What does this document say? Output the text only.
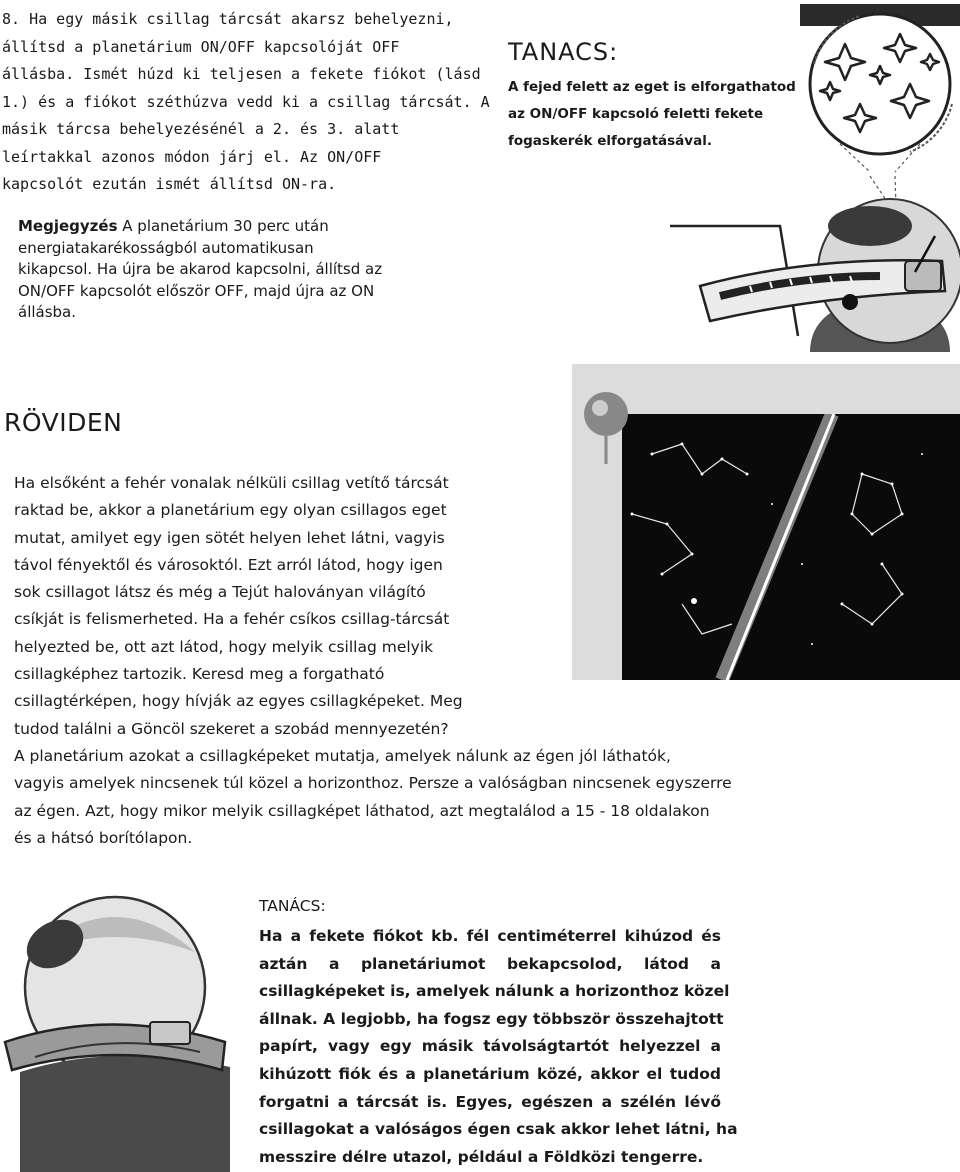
8. Ha egy másik csillag tárcsát akarsz behelyezni,
állítsd a planetárium ON/OFF kapcsolóját OFF
állásba. Ismét húzd ki teljesen a fekete fiókot (lásd
1.) és a fiókot széthúzva vedd ki a csillag tárcsát. A
másik tárcsa behelyezésénél a 2. és 3. alatt
leírtakkal azonos módon járj el. Az ON/OFF
kapcsolót ezután ismét állítsd ON-ra.
TANACS:
A fejed felett az eget is elforgathatod
az ON/OFF kapcsoló feletti fekete
fogaskerék elforgatásával.
Megjegyzés A planetárium 30 perc után
energiatakarékosságból automatikusan
kikapcsol. Ha újra be akarod kapcsolni, állítsd az
ON/OFF kapcsolót először OFF, majd újra az ON
állásba.
RÖVIDEN
Ha elsőként a fehér vonalak nélküli csillag vetítő tárcsát
raktad be, akkor a planetárium egy olyan csillagos eget
mutat, amilyet egy igen sötét helyen lehet látni, vagyis
távol fényektől és városoktól. Ezt arról látod, hogy igen
sok csillagot látsz és még a Tejút haloványan világító
csíkját is felismerheted. Ha a fehér csíkos csillag-tárcsát
helyezted be, ott azt látod, hogy melyik csillag melyik
csillagképhez tartozik. Keresd meg a forgatható
csillagtérképen, hogy hívják az egyes csillagképeket. Meg
tudod találni a Göncöl szekeret a szobád mennyezetén?
A planetárium azokat a csillagképeket mutatja, amelyek nálunk az égen jól láthatók,
vagyis amelyek nincsenek túl közel a horizonthoz. Persze a valóságban nincsenek egyszerre
az égen. Azt, hogy mikor melyik csillagképet láthatod, azt megtalálod a 15 - 18 oldalakon
és a hátsó borítólapon.
TANÁCS:
Ha a fekete fiókot kb. fél centiméterrel kihúzod és
aztán a planetáriumot bekapcsolod, látod a
csillagképeket is, amelyek nálunk a horizonthoz közel
állnak. A legjobb, ha fogsz egy többször összehajtott
papírt, vagy egy másik távolságtartót helyezzel a
kihúzott fiók és a planetárium közé, akkor el tudod
forgatni a tárcsát is. Egyes, egészen a szélén lévő
csillagokat a valóságos égen csak akkor lehet látni, ha
messzire délre utazol, például a Földközi tengerre.
